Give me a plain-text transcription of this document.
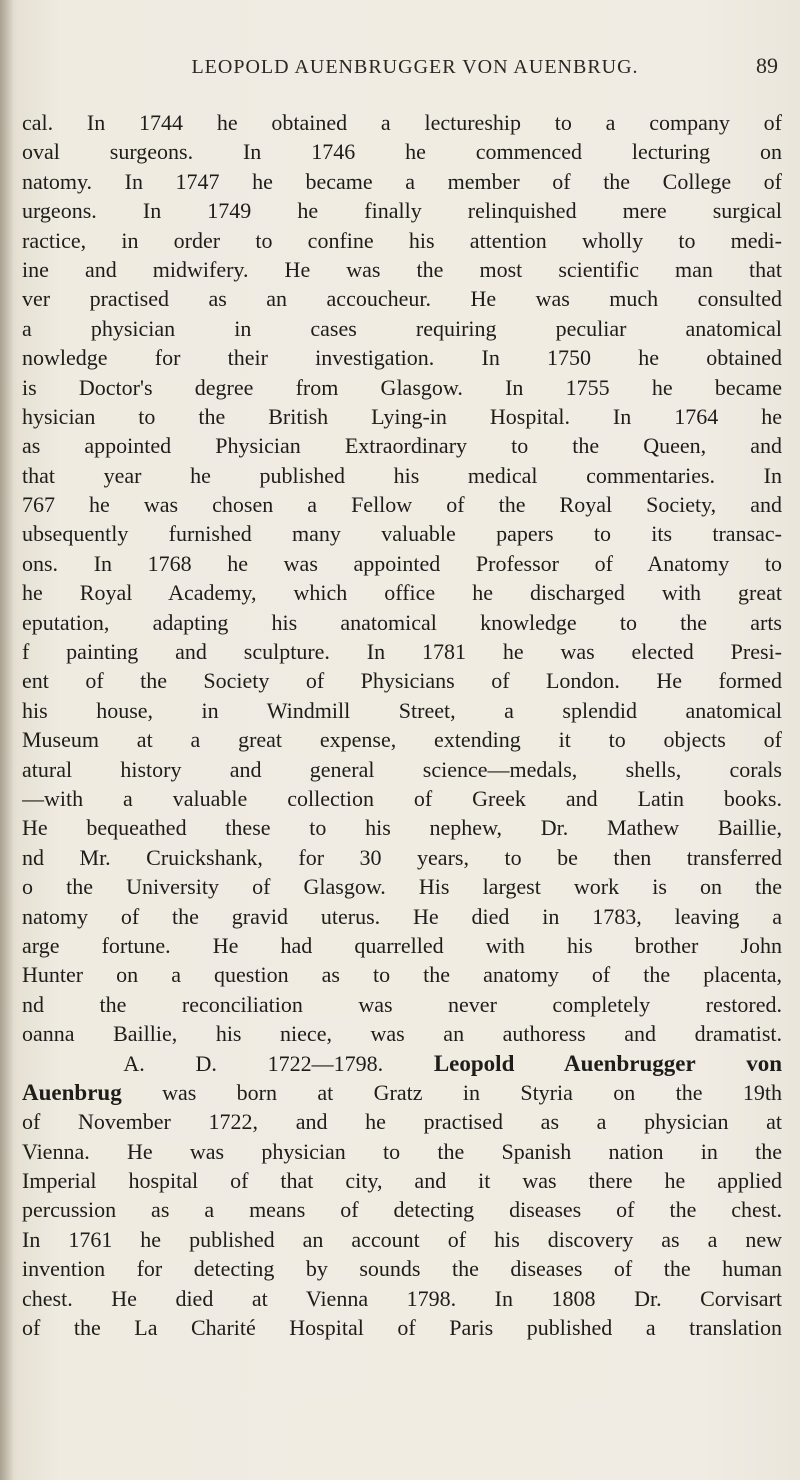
LEOPOLD AUENBRUGGER VON AUENBRUG.	89
cal. In 1744 he obtained a lectureship to a company of
oval surgeons. In 1746 he commenced lecturing on
natomy. In 1747 he became a member of the College of
urgeons. In 1749 he finally relinquished mere surgical
ractice, in order to confine his attention wholly to medi-
ine and midwifery. He was the most scientific man that
ver practised as an accoucheur. He was much consulted
a physician in cases requiring peculiar anatomical
nowledge for their investigation. In 1750 he obtained
is Doctor's degree from Glasgow. In 1755 he became
hysician to the British Lying-in Hospital. In 1764 he
as appointed Physician Extraordinary to the Queen, and
that year he published his medical commentaries. In
767 he was chosen a Fellow of the Royal Society, and
ubsequently furnished many valuable papers to its transac-
ons. In 1768 he was appointed Professor of Anatomy to
he Royal Academy, which office he discharged with great
eputation, adapting his anatomical knowledge to the arts
f painting and sculpture. In 1781 he was elected Presi-
ent of the Society of Physicians of London. He formed
his house, in Windmill Street, a splendid anatomical
Museum at a great expense, extending it to objects of
atural history and general science—medals, shells, corals
—with a valuable collection of Greek and Latin books.
He bequeathed these to his nephew, Dr. Mathew Baillie,
nd Mr. Cruickshank, for 30 years, to be then transferred
o the University of Glasgow. His largest work is on the
natomy of the gravid uterus. He died in 1783, leaving a
arge fortune. He had quarrelled with his brother John
Hunter on a question as to the anatomy of the placenta,
nd the reconciliation was never completely restored.
oanna Baillie, his niece, was an authoress and dramatist.
A. D. 1722—1798. Leopold Auenbrugger von
Auenbrug was born at Gratz in Styria on the 19th
of November 1722, and he practised as a physician at
Vienna. He was physician to the Spanish nation in the
Imperial hospital of that city, and it was there he applied
percussion as a means of detecting diseases of the chest.
In 1761 he published an account of his discovery as a new
invention for detecting by sounds the diseases of the human
chest. He died at Vienna 1798. In 1808 Dr. Corvisart
of the La Charité Hospital of Paris published a translation
